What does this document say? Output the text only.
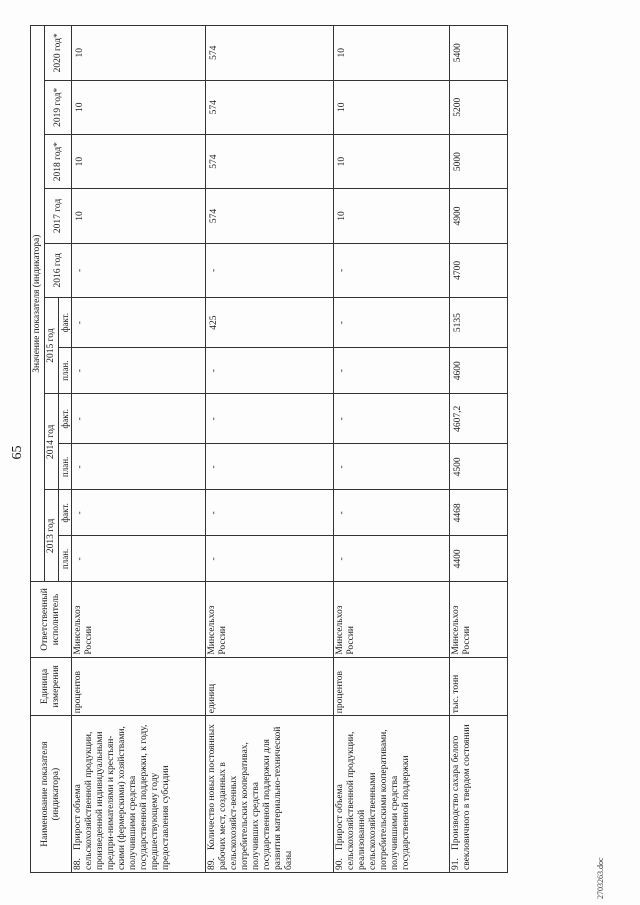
65
Наименование показателя (индикатора)	Единица измерения	Ответственный исполнитель	Значение показателя (индикатора)										
			2013 год		2014 год		2015 год		2016 год	2017 год	2018 год*	2019 год*	2020 год*
			план.	факт.	план.	факт.	план.	факт.					
88.Прирост объема сельскохозяйственной продукции, произведенной индивидуальными предпри-нимателями и крестьян-скими (фермерскими) хозяйствами, получившими средства государственной поддержки, к году, предшествующему году предоставления субсидии	процентов	Минсельхоз России	-	-	-	-	-	-	-	10	10	10	10
89.Количество новых постоянных рабочих мест, созданных в сельскохозяйст-венных потребительских кооперативах, получивших средства государственной поддержки для развития материально-технической базы	единиц	Минсельхоз России	-	-	-	-	-	425	-	574	574	574	574
90.Прирост объема сельскохозяйственной продукции, реализованной сельскохозяйственными потребительскими кооперативами, получившими средства государственной поддержки	процентов	Минсельхоз России	-	-	-	-	-	-	-	10	10	10	10
91.Производство сахара белого свекловичного в твердом состоянии	тыс. тонн	Минсельхоз России	4400	4468	4500	4607,2	4600	5135	4700	4900	5000	5200	5400
2703263.doc
